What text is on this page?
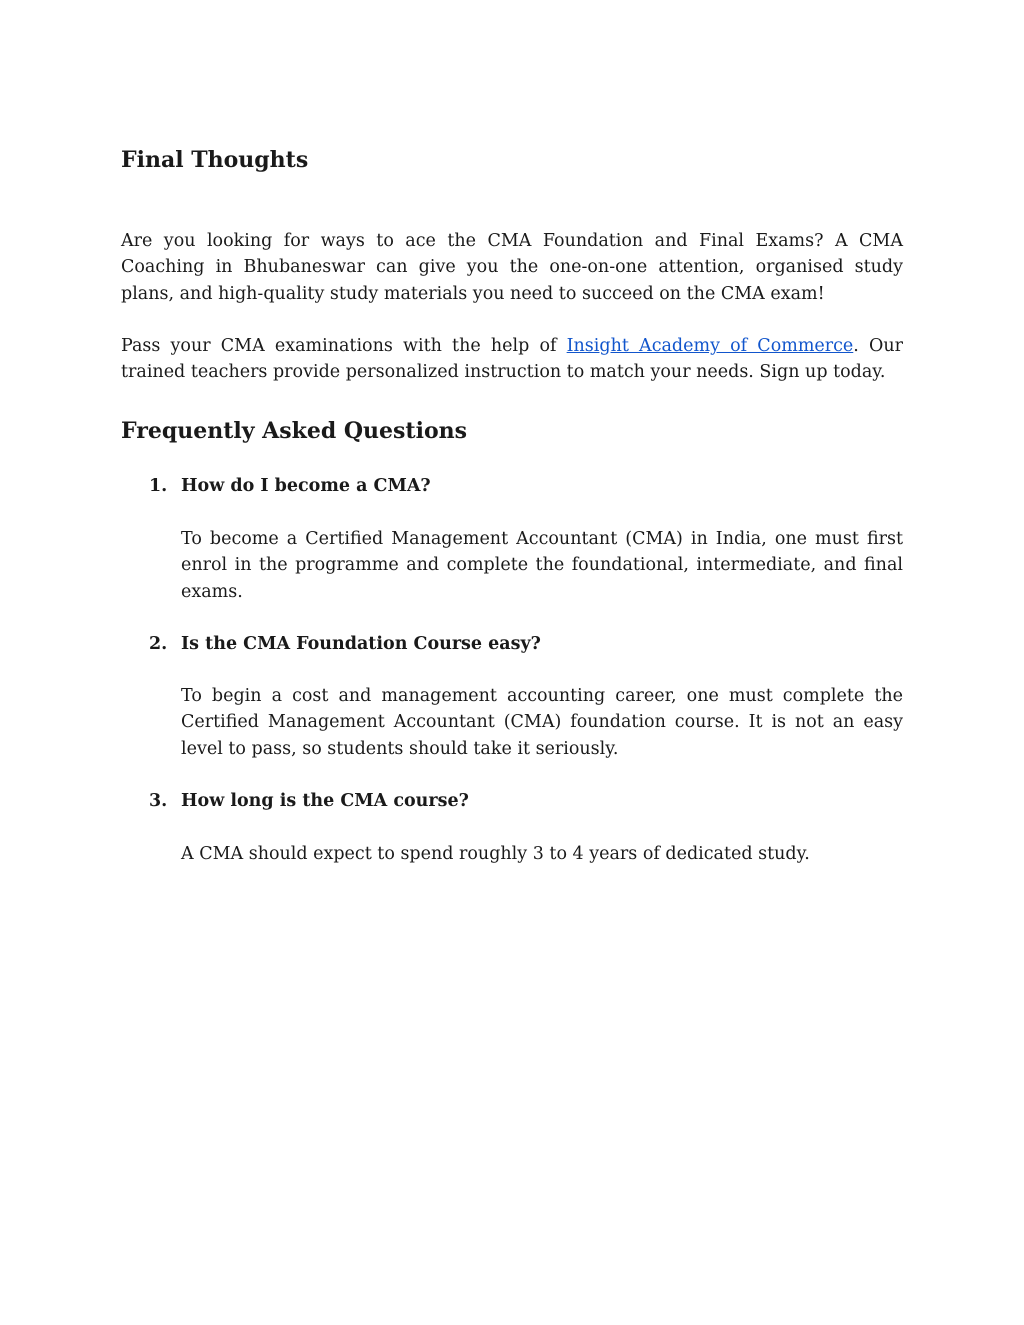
Final Thoughts

Are you looking for ways to ace the CMA Foundation and Final Exams? A CMA Coaching in Bhubaneswar can give you the one-on-one attention, organised study plans, and high-quality study materials you need to succeed on the CMA exam!

Pass your CMA examinations with the help of Insight Academy of Commerce. Our trained teachers provide personalized instruction to match your needs. Sign up today.

Frequently Asked Questions
1. How do I become a CMA?

To become a Certified Management Accountant (CMA) in India, one must first enrol in the programme and complete the foundational, intermediate, and final exams.

2. Is the CMA Foundation Course easy?

To begin a cost and management accounting career, one must complete the Certified Management Accountant (CMA) foundation course. It is not an easy level to pass, so students should take it seriously.

3. How long is the CMA course?

A CMA should expect to spend roughly 3 to 4 years of dedicated study.
